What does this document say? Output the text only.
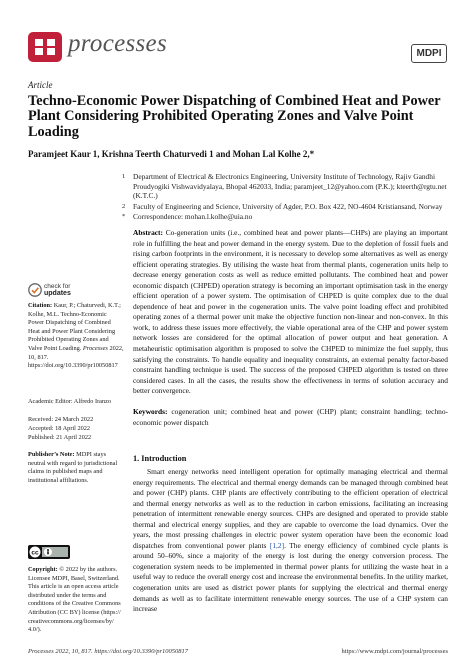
processes	MDPI
Article
Techno-Economic Power Dispatching of Combined Heat and Power Plant Considering Prohibited Operating Zones and Valve Point Loading
Paramjeet Kaur 1, Krishna Teerth Chaturvedi 1 and Mohan Lal Kolhe 2,*
1 Department of Electrical & Electronics Engineering, University Institute of Technology, Rajiv Gandhi Proudyogiki Vishwavidyalaya, Bhopal 462033, India; paramjeet_12@yahoo.com (P.K.); kteerth@rgtu.net (K.T.C.)
2 Faculty of Engineering and Science, University of Agder, P.O. Box 422, NO-4604 Kristiansand, Norway
* Correspondence: mohan.l.kolhe@uia.no
Abstract: Co-generation units (i.e., combined heat and power plants—CHPs) are playing an important role in fulfilling the heat and power demand in the energy system. Due to the depletion of fossil fuels and rising carbon footprints in the environment, it is necessary to develop some alternatives as well as energy efficient operating strategies. By utilising the waste heat from thermal plants, cogeneration units help to decrease energy generation costs as well as reduce emitted pollutants. The combined heat and power economic dispatch (CHPED) operation strategy is becoming an important optimisation task in the energy efficient operation of a power system. The optimisation of CHPED is quite complex due to the dual dependence of heat and power in the cogeneration units. The valve point loading effect and prohibited operating zones of a thermal power unit make the objective function non-linear and non-convex. In this work, to address these issues more effectively, the viable operational area of the CHP and power system network losses are considered for the optimal allocation of power output and heat generation. A metaheuristic optimisation algorithm is proposed to solve the CHPED to minimize the fuel supply, thus satisfying the constraints. To handle equality and inequality constraints, an external penalty factor-based constraint handling technique is used. The success of the proposed CHPED algorithm is tested on three considered cases. In all the cases, the results show the effectiveness in terms of solution accuracy and better convergence.
Keywords: cogeneration unit; combined heat and power (CHP) plant; constraint handling; techno-economic power dispatch
check for
updates
Citation: Kaur, P.; Chaturvedi, K.T.; Kolhe, M.L. Techno-Economic Power Dispatching of Combined Heat and Power Plant Considering Prohibited Operating Zones and Valve Point Loading. Processes 2022, 10, 817. https://doi.org/10.3390/pr10050817
Academic Editor: Alfredo Iranzo
Received: 24 March 2022
Accepted: 18 April 2022
Published: 21 April 2022
Publisher’s Note: MDPI stays neutral with regard to jurisdictional claims in published maps and institutional affiliations.
cc
Copyright: © 2022 by the authors. Licensee MDPI, Basel, Switzerland. This article is an open access article distributed under the terms and conditions of the Creative Commons Attribution (CC BY) license (https:// creativecommons.org/licenses/by/ 4.0/).
1. Introduction
Smart energy networks need intelligent operation for optimally managing electrical and thermal energy requirements. The electrical and thermal energy demands can be managed through combined heat and power (CHP) plants. CHP plants are effectively contributing to the efficient operation of electrical and thermal energy networks as well as to the reduction in carbon emissions, facilitating an increasing penetration of intermittent renewable energy sources. CHPs are designed and operated to provide stable thermal and electrical energy supplies, and they are capable to overcome the load dynamics. Over the years, the most pressing challenges in electric power system operation have been the economic load dispatches from conventional power plants [1,2]. The energy efficiency of combined cycle plants is around 50–60%, since a majority of the energy is lost during the energy conversion process. The cogeneration system needs to be implemented in thermal power plants for utilizing the waste heat in a useful way to reduce the overall energy cost and increase the environmental benefits. In the utility market, cogeneration units are used as district power plants for supplying the electrical and thermal energy demands as well as to facilitate intermittent renewable energy sources. The use of a CHP system can increase
Processes 2022, 10, 817. https://doi.org/10.3390/pr10050817	https://www.mdpi.com/journal/processes
